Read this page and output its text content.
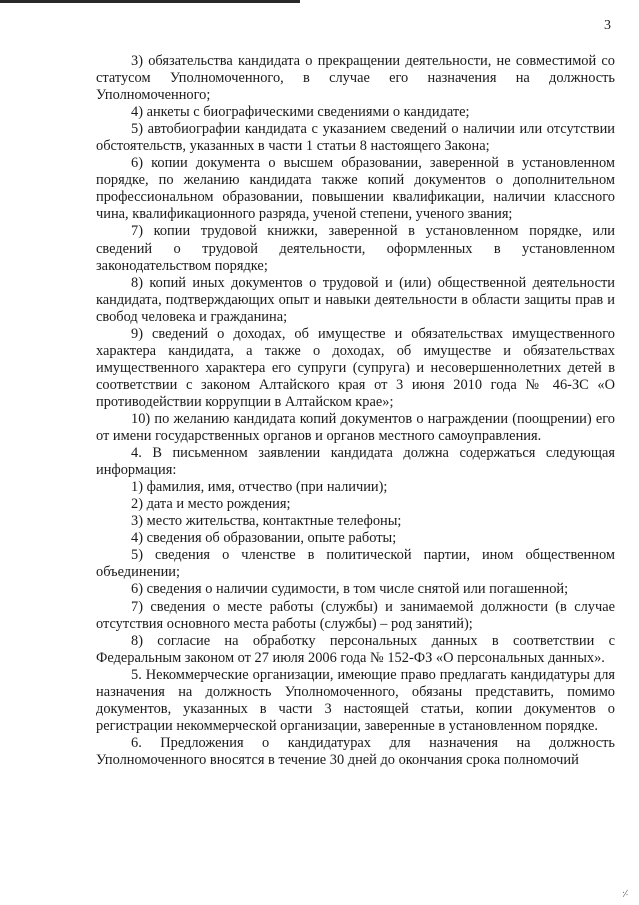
3

3) обязательства кандидата о прекращении деятельности, не совместимой со статусом Уполномоченного, в случае его назначения на должность Уполномоченного;

4) анкеты с биографическими сведениями о кандидате;

5) автобиографии кандидата с указанием сведений о наличии или отсутствии обстоятельств, указанных в части 1 статьи 8 настоящего Закона;

6) копии документа о высшем образовании, заверенной в установленном порядке, по желанию кандидата также копий документов о дополнительном профессиональном образовании, повышении квалификации, наличии классного чина, квалификационного разряда, ученой степени, ученого звания;

7) копии трудовой книжки, заверенной в установленном порядке, или сведений о трудовой деятельности, оформленных в установленном законодательством порядке;

8) копий иных документов о трудовой и (или) общественной деятельности кандидата, подтверждающих опыт и навыки деятельности в области защиты прав и свобод человека и гражданина;

9) сведений о доходах, об имуществе и обязательствах имущественного характера кандидата, а также о доходах, об имуществе и обязательствах имущественного характера его супруги (супруга) и несовершеннолетних детей в соответствии с законом Алтайского края от 3 июня 2010 года № 46-ЗС «О противодействии коррупции в Алтайском крае»;

10) по желанию кандидата копий документов о награждении (поощрении) его от имени государственных органов и органов местного самоуправления.

4. В письменном заявлении кандидата должна содержаться следующая информация:

1) фамилия, имя, отчество (при наличии);

2) дата и место рождения;

3) место жительства, контактные телефоны;

4) сведения об образовании, опыте работы;

5) сведения о членстве в политической партии, ином общественном объединении;

6) сведения о наличии судимости, в том числе снятой или погашенной;

7) сведения о месте работы (службы) и занимаемой должности (в случае отсутствия основного места работы (службы) – род занятий);

8) согласие на обработку персональных данных в соответствии с Федеральным законом от 27 июля 2006 года № 152-ФЗ «О персональных данных».

5. Некоммерческие организации, имеющие право предлагать кандидатуры для назначения на должность Уполномоченного, обязаны представить, помимо документов, указанных в части 3 настоящей статьи, копии документов о регистрации некоммерческой организации, заверенные в установленном порядке.

6. Предложения о кандидатурах для назначения на должность Уполномоченного вносятся в течение 30 дней до окончания срока полномочий

⸓
